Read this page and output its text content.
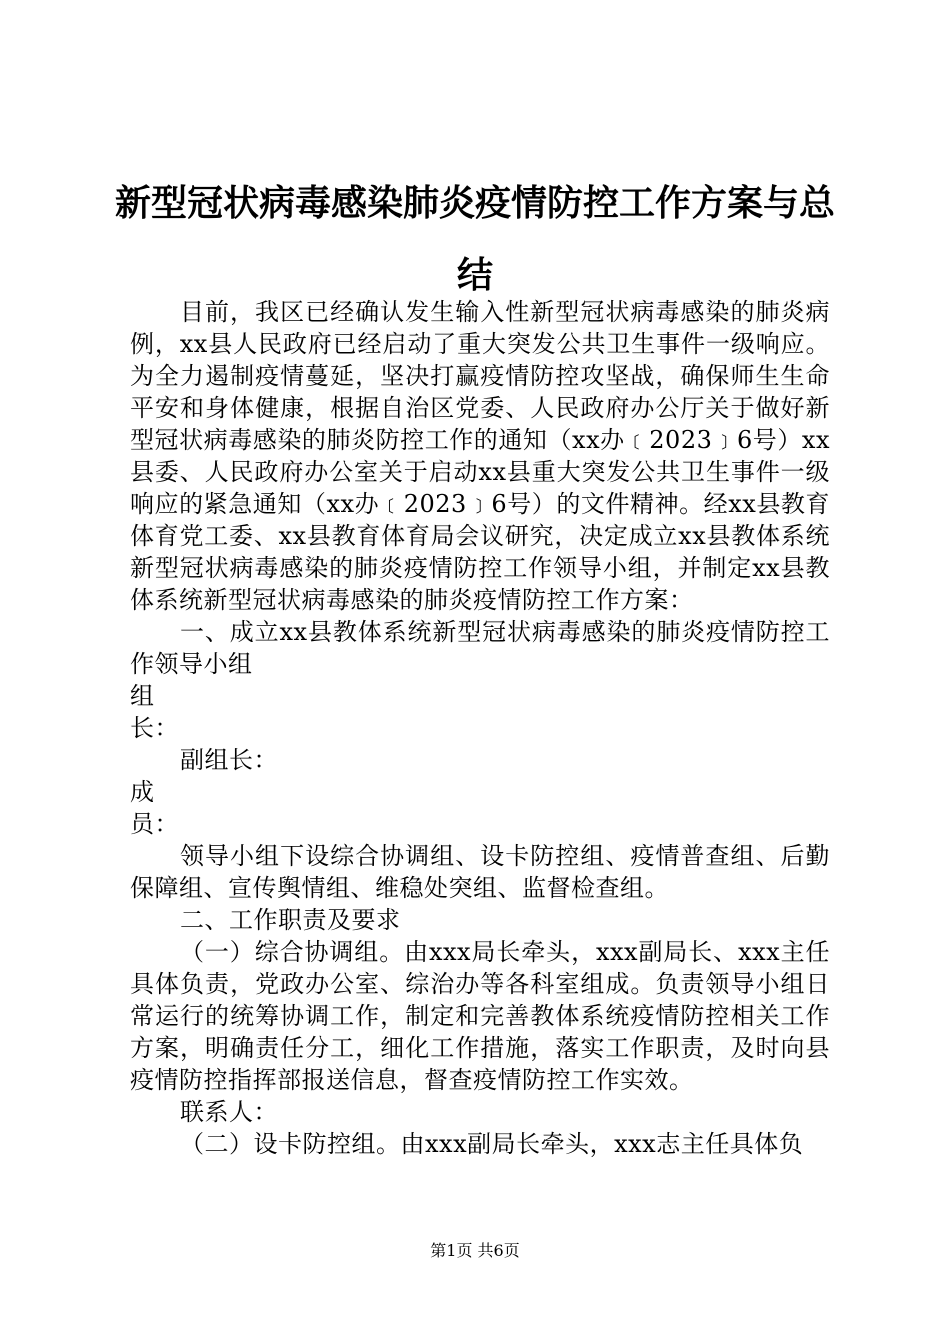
新型冠状病毒感染肺炎疫情防控工作方案与总结

目前，我区已经确认发生输入性新型冠状病毒感染的肺炎病例，xx县人民政府已经启动了重大突发公共卫生事件一级响应。为全力遏制疫情蔓延，坚决打赢疫情防控攻坚战，确保师生生命平安和身体健康，根据自治区党委、人民政府办公厅关于做好新型冠状病毒感染的肺炎防控工作的通知（xx办﹝2023﹞6号）xx县委、人民政府办公室关于启动xx县重大突发公共卫生事件一级响应的紧急通知（xx办﹝2023﹞6号）的文件精神。经xx县教育体育党工委、xx县教育体育局会议研究，决定成立xx县教体系统新型冠状病毒感染的肺炎疫情防控工作领导小组，并制定xx县教体系统新型冠状病毒感染的肺炎疫情防控工作方案：

一、成立xx县教体系统新型冠状病毒感染的肺炎疫情防控工作领导小组

组长：

副组长：

成员：

领导小组下设综合协调组、设卡防控组、疫情普查组、后勤保障组、宣传舆情组、维稳处突组、监督检查组。

二、工作职责及要求

（一）综合协调组。由xxx局长牵头，xxx副局长、xxx主任具体负责，党政办公室、综治办等各科室组成。负责领导小组日常运行的统筹协调工作，制定和完善教体系统疫情防控相关工作方案，明确责任分工，细化工作措施，落实工作职责，及时向县疫情防控指挥部报送信息，督查疫情防控工作实效。

联系人：

（二）设卡防控组。由xxx副局长牵头，xxx志主任具体负

第1页 共6页
